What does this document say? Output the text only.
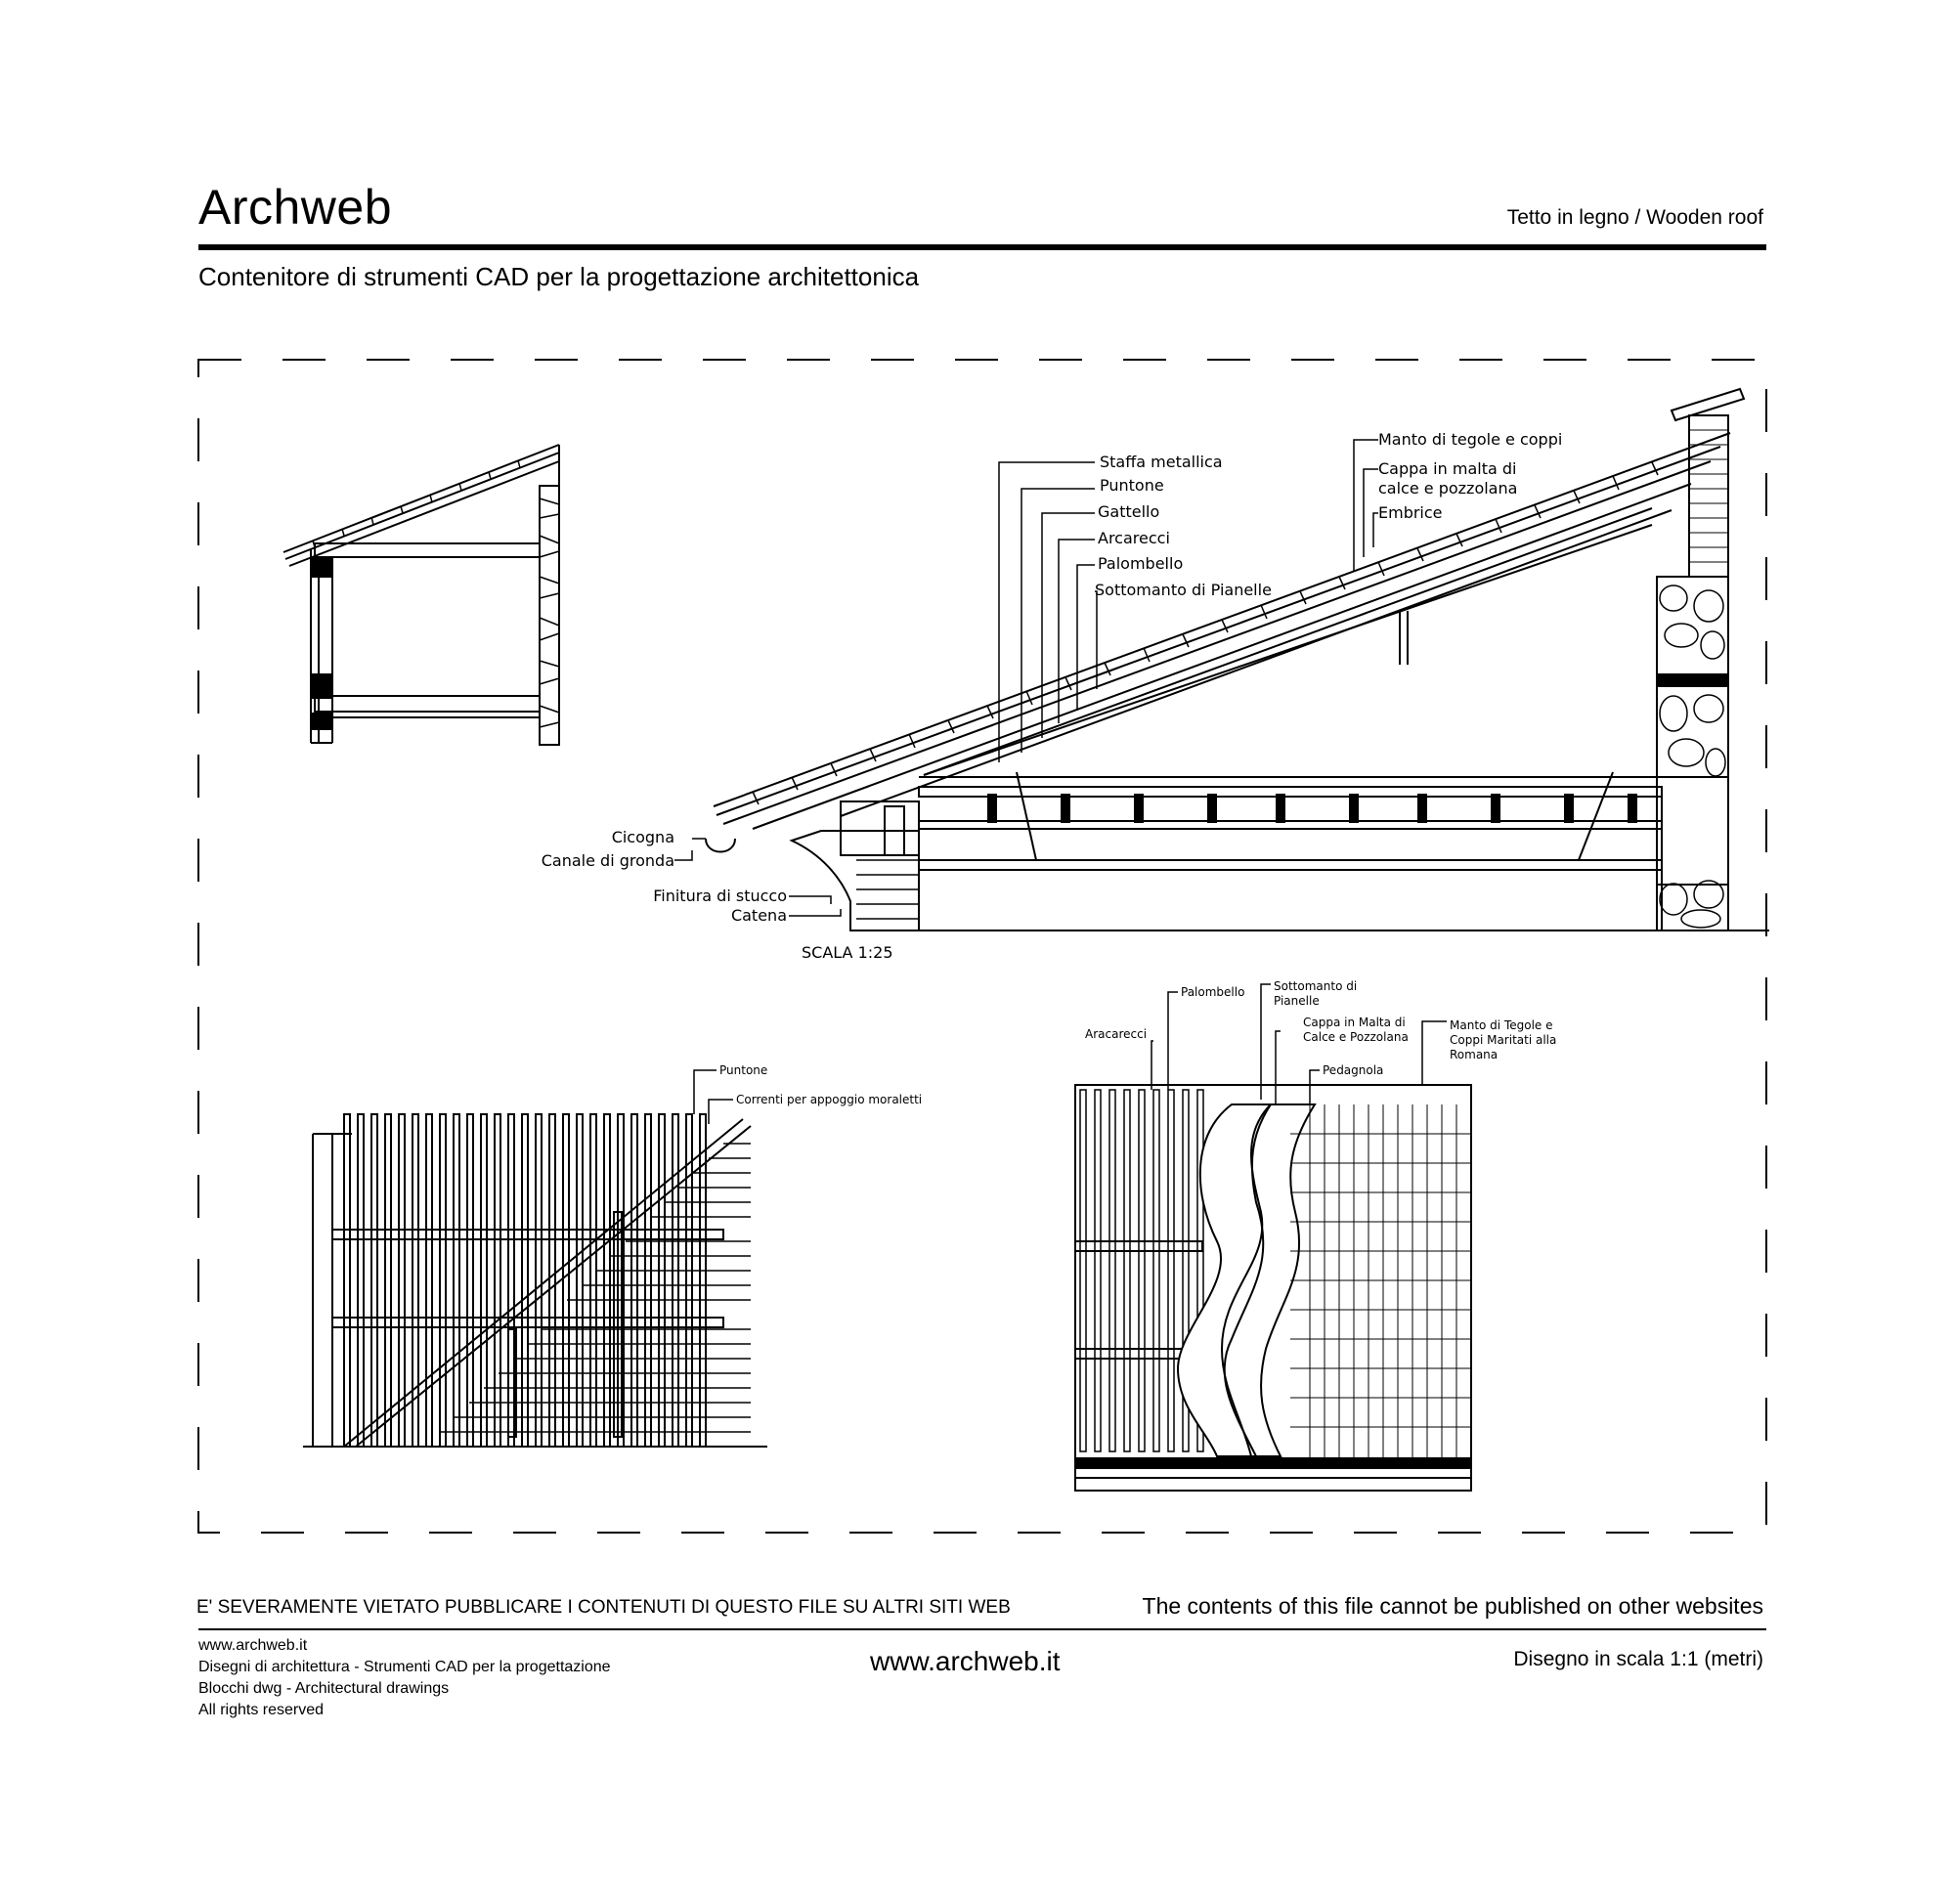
Archweb	Tetto in legno / Wooden roof
Contenitore di strumenti CAD per la progettazione architettonica
Staffa metallica
Puntone
Gattello
Arcarecci
Palombello
Sottomanto di Pianelle
Manto di tegole e coppi
Cappa in malta di
calce e pozzolana
Embrice
Cicogna
Canale di gronda
Finitura di stucco
Catena
SCALA 1:25
Puntone
Correnti per appoggio moraletti
Aracarecci
Palombello Sottomanto di
Pianelle
Cappa in Malta di
Calce e Pozzolana
Manto di Tegole e
Coppi Maritati alla
Romana
Pedagnola
E' SEVERAMENTE VIETATO PUBBLICARE I CONTENUTI DI QUESTO FILE SU ALTRI SITI WEB	The contents of this file cannot be published on other websites
www.archweb.it
Disegni di architettura - Strumenti CAD per la progettazione
Blocchi dwg - Architectural drawings
All rights reserved
www.archweb.it	Disegno in scala 1:1 (metri)
